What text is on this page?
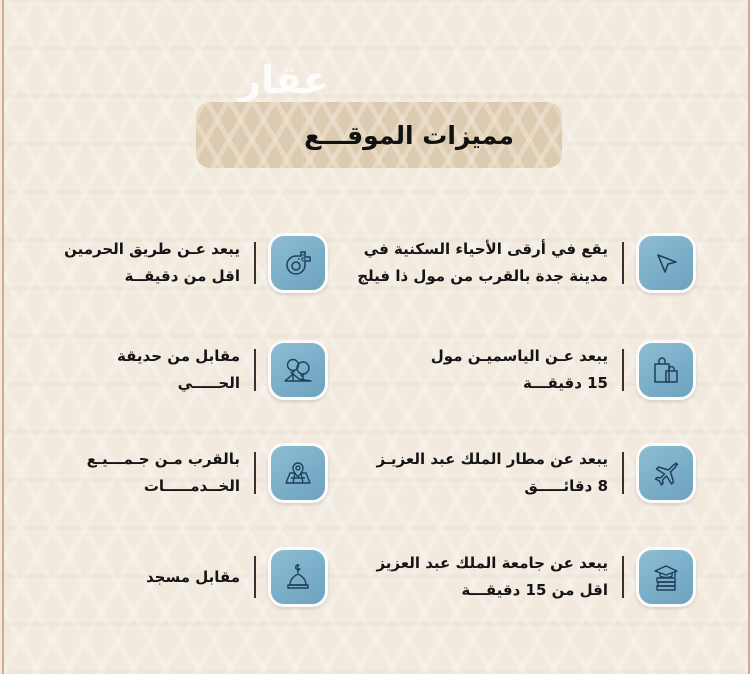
عقار
مميزات الموقـــع
يقع في أرقى الأحياء السكنية في
مدينة جدة بالقرب من مول ذا فيلج
يبعد عـن طريق الحرمين
اقل من دقيقــة
يبعد عـن الياسميـن مول
15 دقيقـــة
مقابل من حديقة
الحـــــي
يبعد عن مطار الملك عبد العزيـز
8 دقائـــــق
بالقرب مـن جـمـــيـع
الخــدمـــــات
يبعد عن جامعة الملك عبد العزيز
اقل من 15 دقيقـــة
مقابل مسجد
